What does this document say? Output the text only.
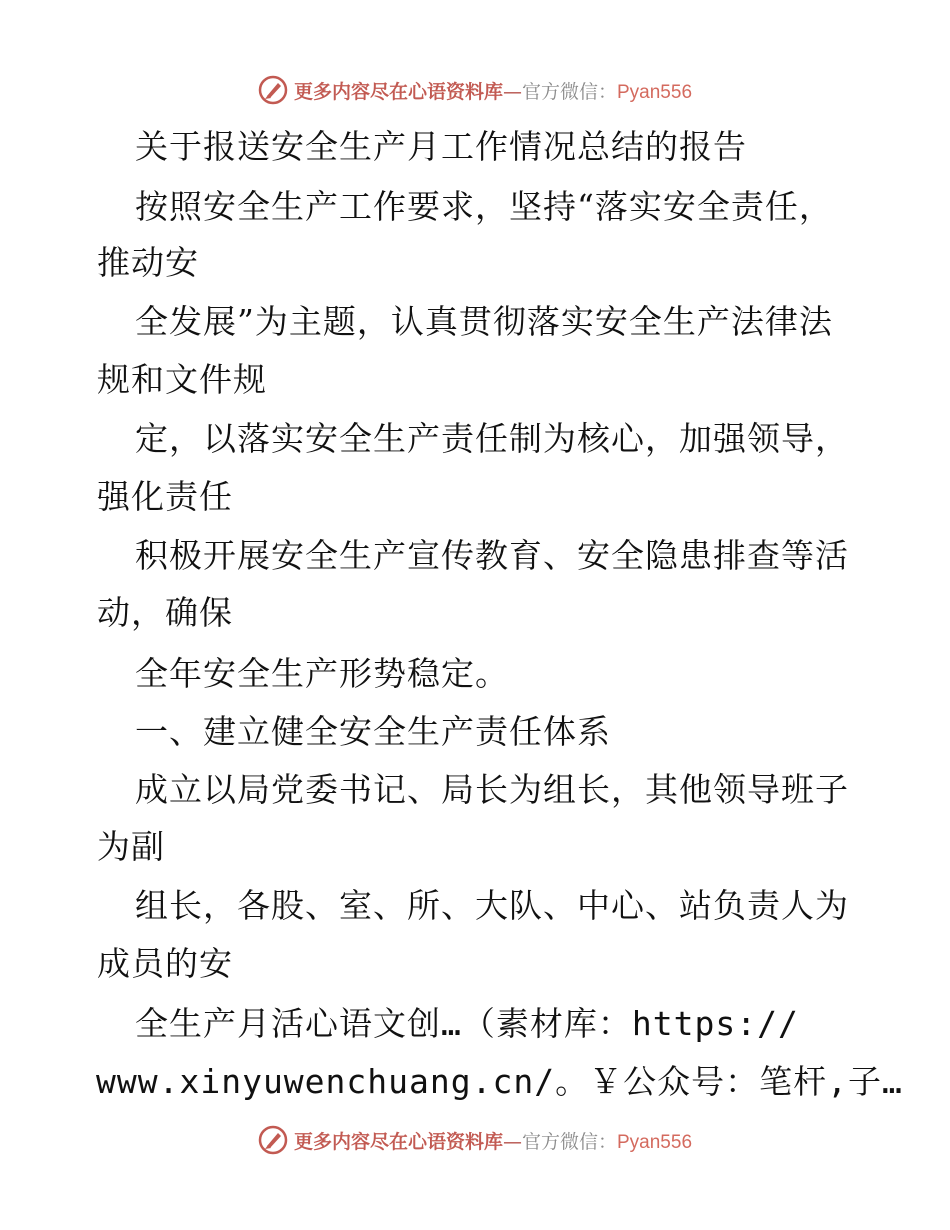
更多内容尽在心语资料库—官方微信：Pyan556
关于报送安全生产月工作情况总结的报告
按照安全生产工作要求，坚持“落实安全责任，
推动安
全发展”为主题，认真贯彻落实安全生产法律法
规和文件规
定，以落实安全生产责任制为核心，加强领导，
强化责任
积极开展安全生产宣传教育、安全隐患排查等活
动，确保
全年安全生产形势稳定。
一、建立健全安全生产责任体系
成立以局党委书记、局长为组长，其他领导班子
为副
组长，各股、室、所、大队、中心、站负责人为
成员的安
全生产月活心语文创…（素材库：https://
www.xinyuwenchuang.cn/。￥公众号：笔杆,子…
更多内容尽在心语资料库—官方微信：Pyan556
